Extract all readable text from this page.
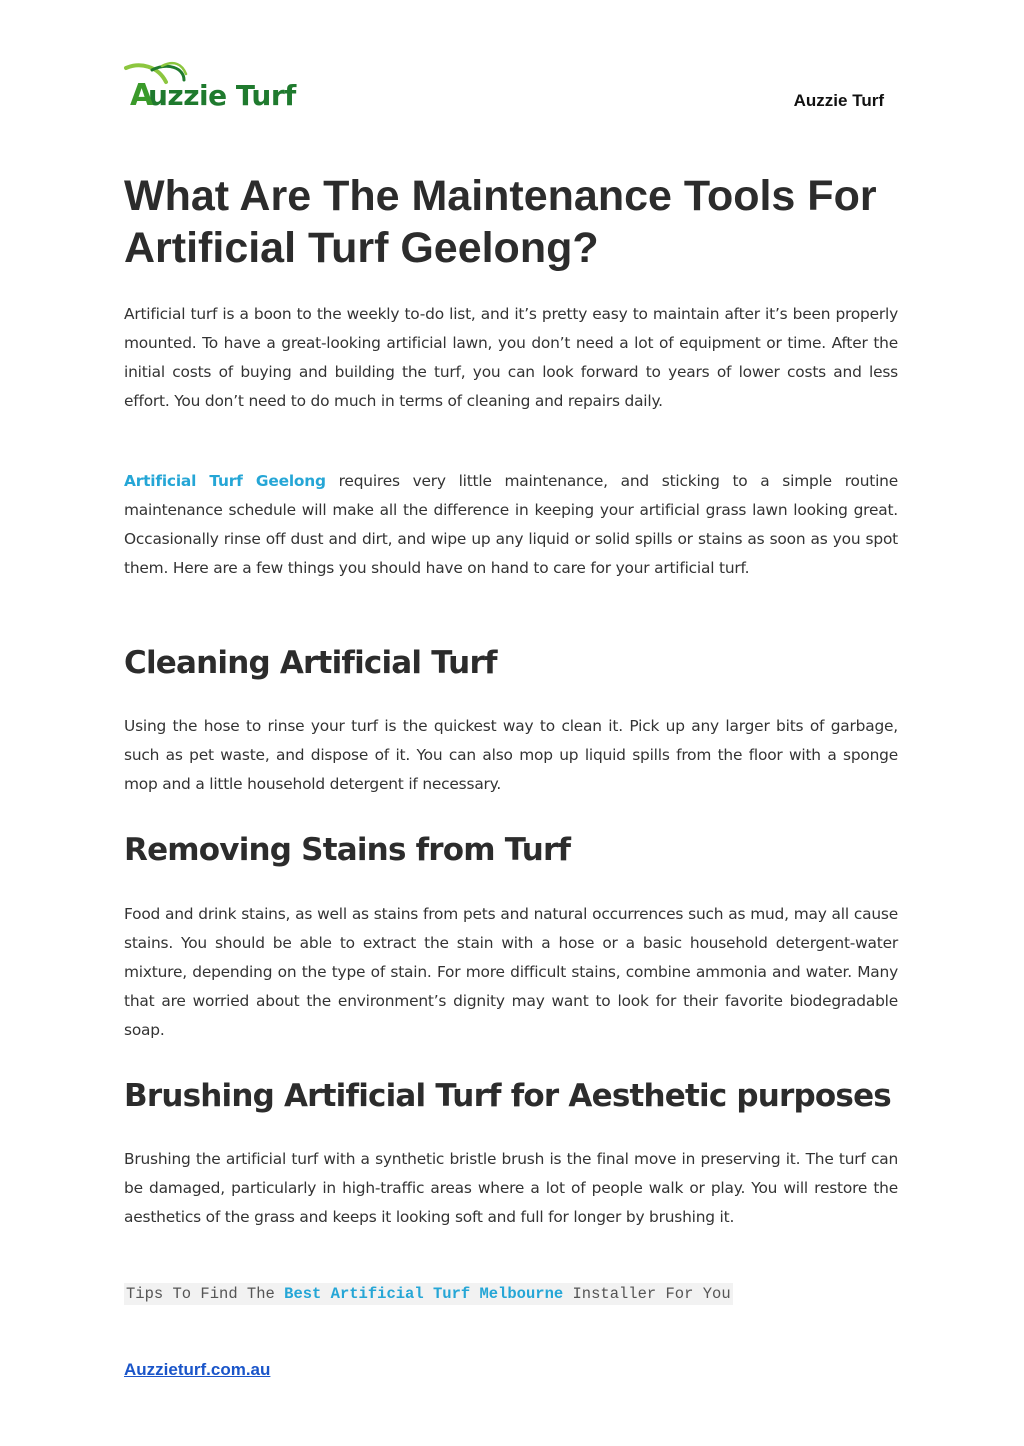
uzzie Turf
A	Auzzie Turf
What Are The Maintenance Tools For Artificial Turf Geelong?

Artificial turf is a boon to the weekly to-do list, and it’s pretty easy to maintain after it’s been properly mounted. To have a great-looking artificial lawn, you don’t need a lot of equipment or time. After the initial costs of buying and building the turf, you can look forward to years of lower costs and less effort. You don’t need to do much in terms of cleaning and repairs daily.

Artificial Turf Geelong requires very little maintenance, and sticking to a simple routine maintenance schedule will make all the difference in keeping your artificial grass lawn looking great. Occasionally rinse off dust and dirt, and wipe up any liquid or solid spills or stains as soon as you spot them. Here are a few things you should have on hand to care for your artificial turf.

Cleaning Artificial Turf

Using the hose to rinse your turf is the quickest way to clean it. Pick up any larger bits of garbage, such as pet waste, and dispose of it. You can also mop up liquid spills from the floor with a sponge mop and a little household detergent if necessary.

Removing Stains from Turf

Food and drink stains, as well as stains from pets and natural occurrences such as mud, may all cause stains. You should be able to extract the stain with a hose or a basic household detergent-water mixture, depending on the type of stain. For more difficult stains, combine ammonia and water. Many that are worried about the environment’s dignity may want to look for their favorite biodegradable soap.

Brushing Artificial Turf for Aesthetic purposes

Brushing the artificial turf with a synthetic bristle brush is the final move in preserving it. The turf can be damaged, particularly in high-traffic areas where a lot of people walk or play. You will restore the aesthetics of the grass and keeps it looking soft and full for longer by brushing it.

Tips To Find The Best Artificial Turf Melbourne Installer For You
Auzzieturf.com.au
